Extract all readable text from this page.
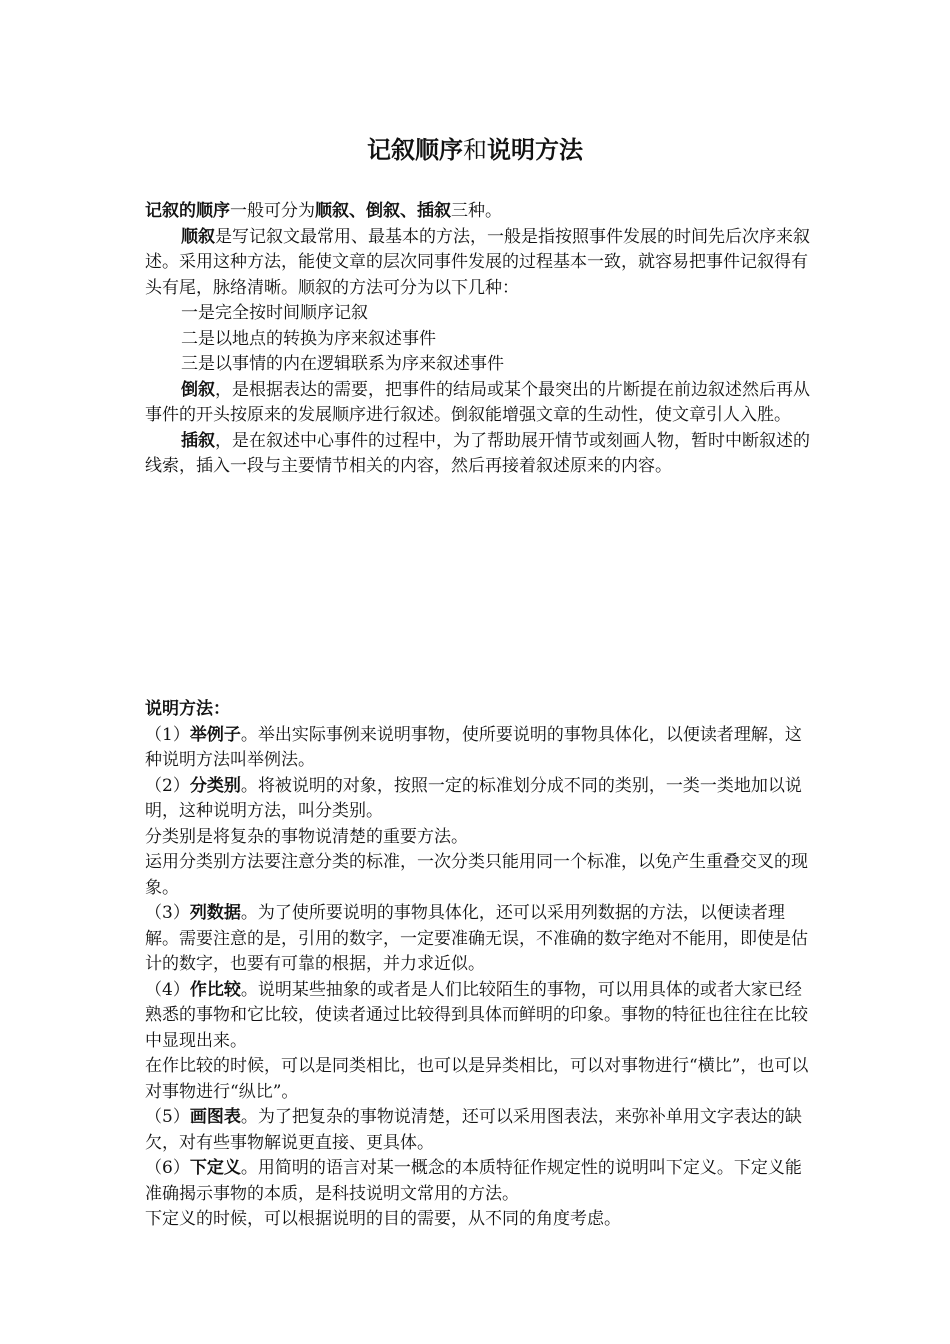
记叙顺序和说明方法

记叙的顺序一般可分为顺叙、倒叙、插叙三种。

顺叙是写记叙文最常用、最基本的方法，一般是指按照事件发展的时间先后次序来叙述。采用这种方法，能使文章的层次同事件发展的过程基本一致，就容易把事件记叙得有头有尾，脉络清晰。顺叙的方法可分为以下几种：

一是完全按时间顺序记叙

二是以地点的转换为序来叙述事件

三是以事情的内在逻辑联系为序来叙述事件

倒叙，是根据表达的需要，把事件的结局或某个最突出的片断提在前边叙述然后再从事件的开头按原来的发展顺序进行叙述。倒叙能增强文章的生动性，使文章引人入胜。

插叙，是在叙述中心事件的过程中，为了帮助展开情节或刻画人物，暂时中断叙述的线索，插入一段与主要情节相关的内容，然后再接着叙述原来的内容。

说明方法：

（1）举例子。举出实际事例来说明事物，使所要说明的事物具体化，以便读者理解，这种说明方法叫举例法。

（2）分类别。将被说明的对象，按照一定的标准划分成不同的类别，一类一类地加以说明，这种说明方法，叫分类别。

分类别是将复杂的事物说清楚的重要方法。

运用分类别方法要注意分类的标准，一次分类只能用同一个标准，以免产生重叠交叉的现象。

（3）列数据。为了使所要说明的事物具体化，还可以采用列数据的方法，以便读者理解。需要注意的是，引用的数字，一定要准确无误，不准确的数字绝对不能用，即使是估计的数字，也要有可靠的根据，并力求近似。

（4）作比较。说明某些抽象的或者是人们比较陌生的事物，可以用具体的或者大家已经熟悉的事物和它比较，使读者通过比较得到具体而鲜明的印象。事物的特征也往往在比较中显现出来。

在作比较的时候，可以是同类相比，也可以是异类相比，可以对事物进行“横比”，也可以对事物进行“纵比”。

（5）画图表。为了把复杂的事物说清楚，还可以采用图表法，来弥补单用文字表达的缺欠，对有些事物解说更直接、更具体。

（6）下定义。用简明的语言对某一概念的本质特征作规定性的说明叫下定义。下定义能准确揭示事物的本质，是科技说明文常用的方法。

下定义的时候，可以根据说明的目的需要，从不同的角度考虑。
